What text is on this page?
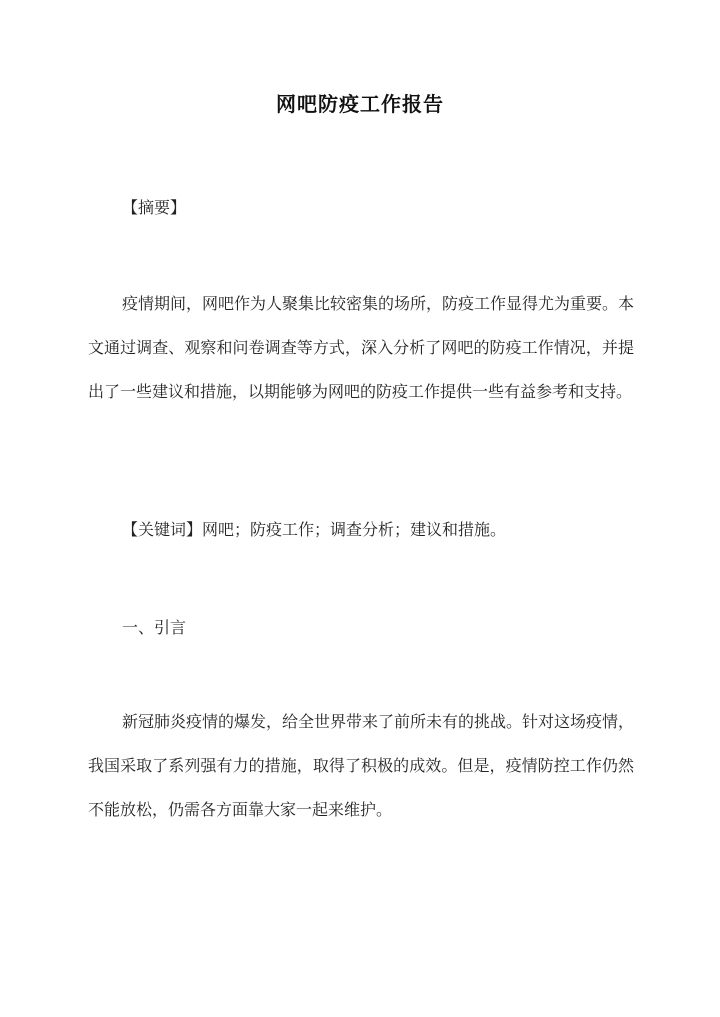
网吧防疫工作报告
【摘要】
疫情期间，网吧作为人聚集比较密集的场所，防疫工作显得尤为重要。本文通过调查、观察和问卷调查等方式，深入分析了网吧的防疫工作情况，并提出了一些建议和措施，以期能够为网吧的防疫工作提供一些有益参考和支持。
【关键词】网吧；防疫工作；调查分析；建议和措施。
一、引言
新冠肺炎疫情的爆发，给全世界带来了前所未有的挑战。针对这场疫情，我国采取了系列强有力的措施，取得了积极的成效。但是，疫情防控工作仍然不能放松，仍需各方面靠大家一起来维护。
